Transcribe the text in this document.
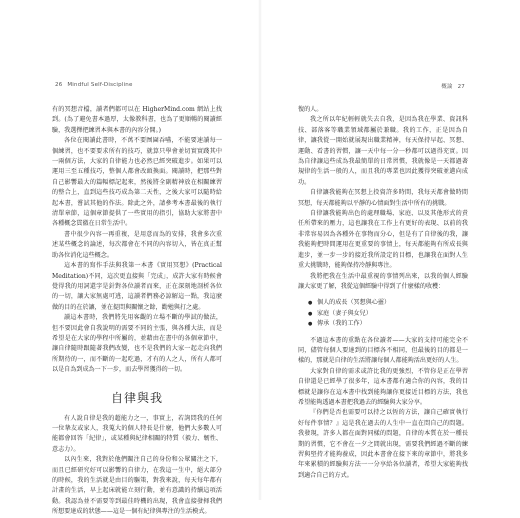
26 Mindful Self-Discipline

有的冥想音檔，讀者們都可以在 HigherMind.com 網站上找到。(為了避免書本過厚，太像教科書，也為了更順暢的閱讀經驗，我選擇把練習本與本書的內容分開。)

各位在閱讀此書時，不萬不要囫圇吞嚥，不能要速讀每一個練習，也不要要求所有的技巧，就算只學會並切實實踐其中一兩個方法，大家的自律能力也必然已經突破進步。如果可以運用三至五種技巧，整個人都會改頭換面。閱讀時，把那些對自己影響最大的篇幅標記起來，然後將全副精神放在相關練習的整合上，直到這些技巧成為第二天性，之後大家可以隨時給起本書，嘗試其他的作法。除此之外，請參考本書最後的執行清單章節，這個章節提供了一些實用的指引，協助大家將書中各種概念貫徹在日常生活中。

書中很少內容一再重複，是用意而為的安排，我會多次重述某些概念的論述，每次都會在不同的內容切入，皆在真正幫助各位消化這些概念。

這本書的寫作手法與我第一本書《實用冥想》(Practical Meditation)不同，這次更直接與「完成」，成許大家有時候會覺得我的用詞還字是針對各位讀者而來，正在深刻地剖析各位的一切，讓大家無處可逃，這讀者們務必諒解這一點，我這麼做的目的在於讓，並在提問與關懷之餘，勸勉與打之處。

讀這本書時，我們將先用客觀的立場不斷的學試的做法，但不要因此會自我說明的需要不同的主張，與各種大法，而是希望是在大家的學程中所屬的，並藉由在書中的各個章節中，讓自律隨時跟隨著我們改變，也不是我們的大家一起走向我們所期待的一，而不斷的一起吃過，才有的人之人，所有人都可以是自為到成為一下一步，而去學習獲得的一切。

自律與我

有人說自律是我的超能力之一，事實上，若詢問我的任何一位摯友或家人，我蒐大的個人特長是什麼，他們大多數人可能都會回答「紀律」，或某種與紀律相關的特質（毅力、韌性、意志力）。

以內生來，我對於他們關注自己的身份和公眾關注之下，而且已經研究好可以影響的自律力，在我這一生中，絕大部分的時候，我的生活就是由目的驅策，對我來說，每天每年都有計畫的生活，早上起床就能立刻行動，並有意識的持續這項活動。我認為並不需要等到最佳時機的出現，我會直接發揮我們所想要達成的狀態——這是一個有紀律與專注的生活模式。

概論 27

復的人。

我之所以年紀輕輕就失去自我，是因為我在學業、資訊科技、部落客等職業領域都屬於兼職。我的工作，正是因為自律，讓我從一開始就展現出職業精神，每天保持早起、冥想、運動、看書的習慣，讓一天中每一分一秒都可以過得充實。因為自律讓這些成為我最簡單的日常習慣，我就像是一天都過著規律的生活一般的人，而且我的專業也因此獲得突破並邁向成功。

自律讓我能夠在冥想上投資許多時間，我每天都會做時間冥想，每天都能夠以平靜的心情面對生活中所有的挑戰。

自律讓我能夠出色的處理職場、家庭、以及其他形式的責任所帶來的壓力，這也讓我在工作上有更好的表現、以前的我非常容易因為各種外在事物而分心，但是有了自律後的我，讓我能夠把時間運用在更重要的事情上，每天都能夠有所成長與進步，並一步一步的接近我所設定的目標，也讓我在面對人生重大挑戰時，能夠保持冷靜與專注。

我將把我在生活中最重視的事情列出來，以我的個人經驗讓大家更了解，我從這個經驗中得到了什麼樣的收穫：

● 個人的成長（冥想與心靈）
● 家庭（妻子與女兒）
● 傳承（我的工作）

不過這本書的重點在各位讀者——大家的支持可能完全不同，儘管每個人要達到的目標各不相同，但最後的目的都是一樣的，那就是自律的生活將讓每個人都能夠活出更好的人生。

大家對自律的需求或許比我的更強烈，不管你是正在學習自律還是已經學了很多年，這本書都有適合你的內容，我的目標就是讓你在這本書中找到能夠讓你更接近目標的方法，我也希望能夠透過本書把我過去的經驗與大家分享。

『你們是否也需要可以持之以恆的方法，讓自己確實執行好每件事情？』這是我在過去的人生中一直在問自己的問題。我發現，許多人都在面對同樣的問題，自律的本質在於一種長期的習慣，它不會在一夕之間就出現，需要我們經過不斷的練習與堅持才能夠養成，因此本書會在接下來的章節中，將我多年來累積的經驗與方法一一分享給各位讀者，希望大家能夠找到適合自己的方式。
